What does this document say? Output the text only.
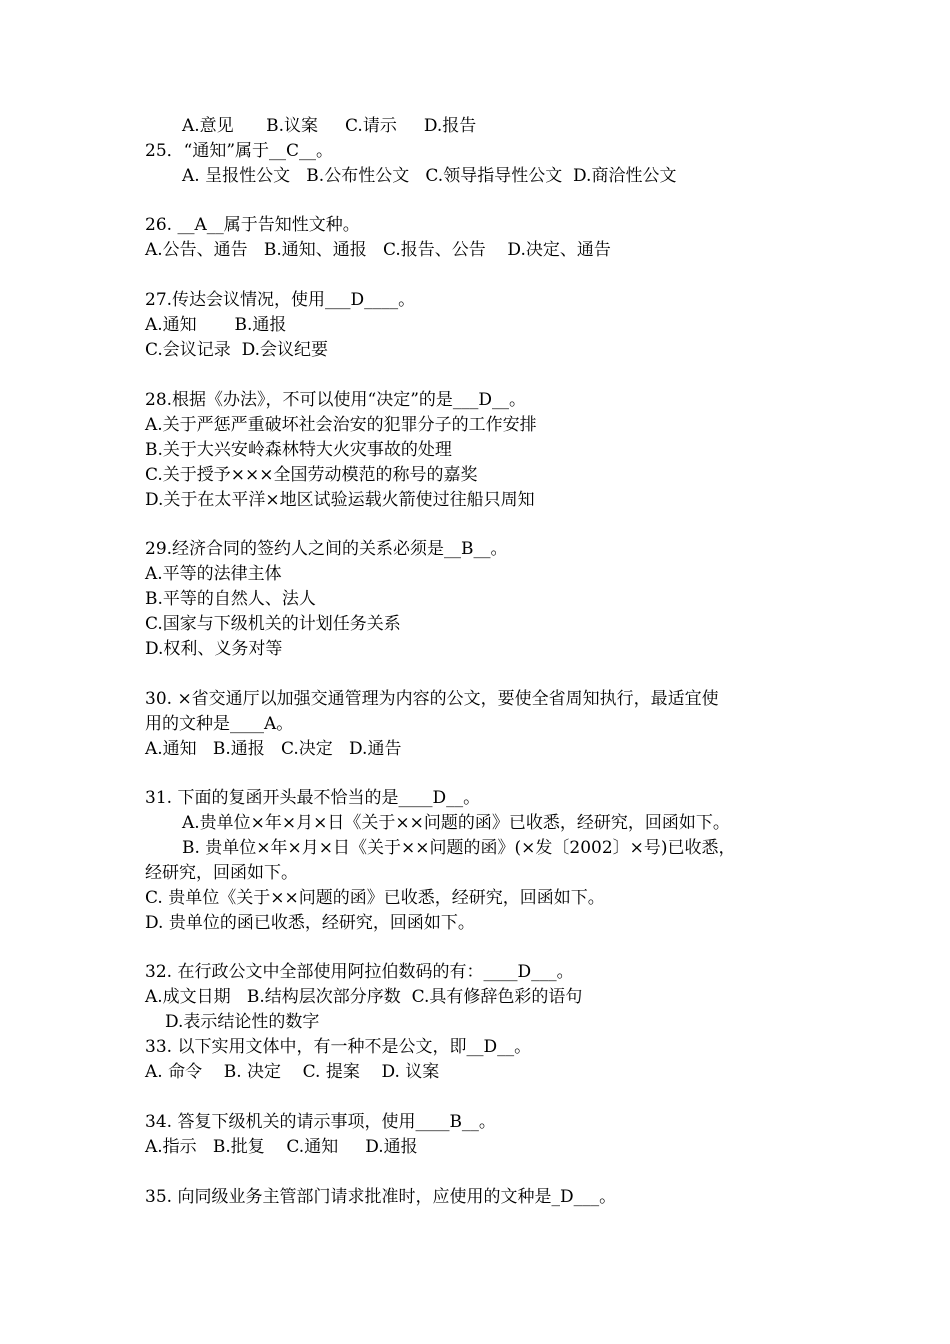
A.意见      B.议案     C.请示     D.报告
25．“通知”属于__C__。
A. 呈报性公文   B.公布性公文   C.领导指导性公文  D.商洽性公文
26. __A__属于告知性文种。
A.公告、通告   B.通知、通报   C.报告、公告    D.决定、通告
27.传达会议情况，使用___D____。
A.通知       B.通报
C.会议记录  D.会议纪要
28.根据《办法》，不可以使用“决定”的是___D__。
A.关于严惩严重破坏社会治安的犯罪分子的工作安排
B.关于大兴安岭森林特大火灾事故的处理
C.关于授予×××全国劳动模范的称号的嘉奖
D.关于在太平洋×地区试验运载火箭使过往船只周知
29.经济合同的签约人之间的关系必须是__B__。
A.平等的法律主体
B.平等的自然人、法人
C.国家与下级机关的计划任务关系
D.权利、义务对等
30. ×省交通厅以加强交通管理为内容的公文，要使全省周知执行，最适宜使
用的文种是____A。
A.通知   B.通报   C.决定   D.通告
31. 下面的复函开头最不恰当的是____D__。
A.贵单位×年×月×日《关于××问题的函》已收悉，经研究，回函如下。
B. 贵单位×年×月×日《关于××问题的函》(×发〔2002〕×号)已收悉，
经研究，回函如下。
C. 贵单位《关于××问题的函》已收悉，经研究，回函如下。
D. 贵单位的函已收悉，经研究，回函如下。
32. 在行政公文中全部使用阿拉伯数码的有：____D___。
A.成文日期   B.结构层次部分序数  C.具有修辞色彩的语句
D.表示结论性的数字
33. 以下实用文体中，有一种不是公文，即__D__。
A. 命令    B. 决定    C. 提案    D. 议案
34. 答复下级机关的请示事项，使用____B__。
A.指示   B.批复    C.通知     D.通报
35. 向同级业务主管部门请求批准时，应使用的文种是_D___。
